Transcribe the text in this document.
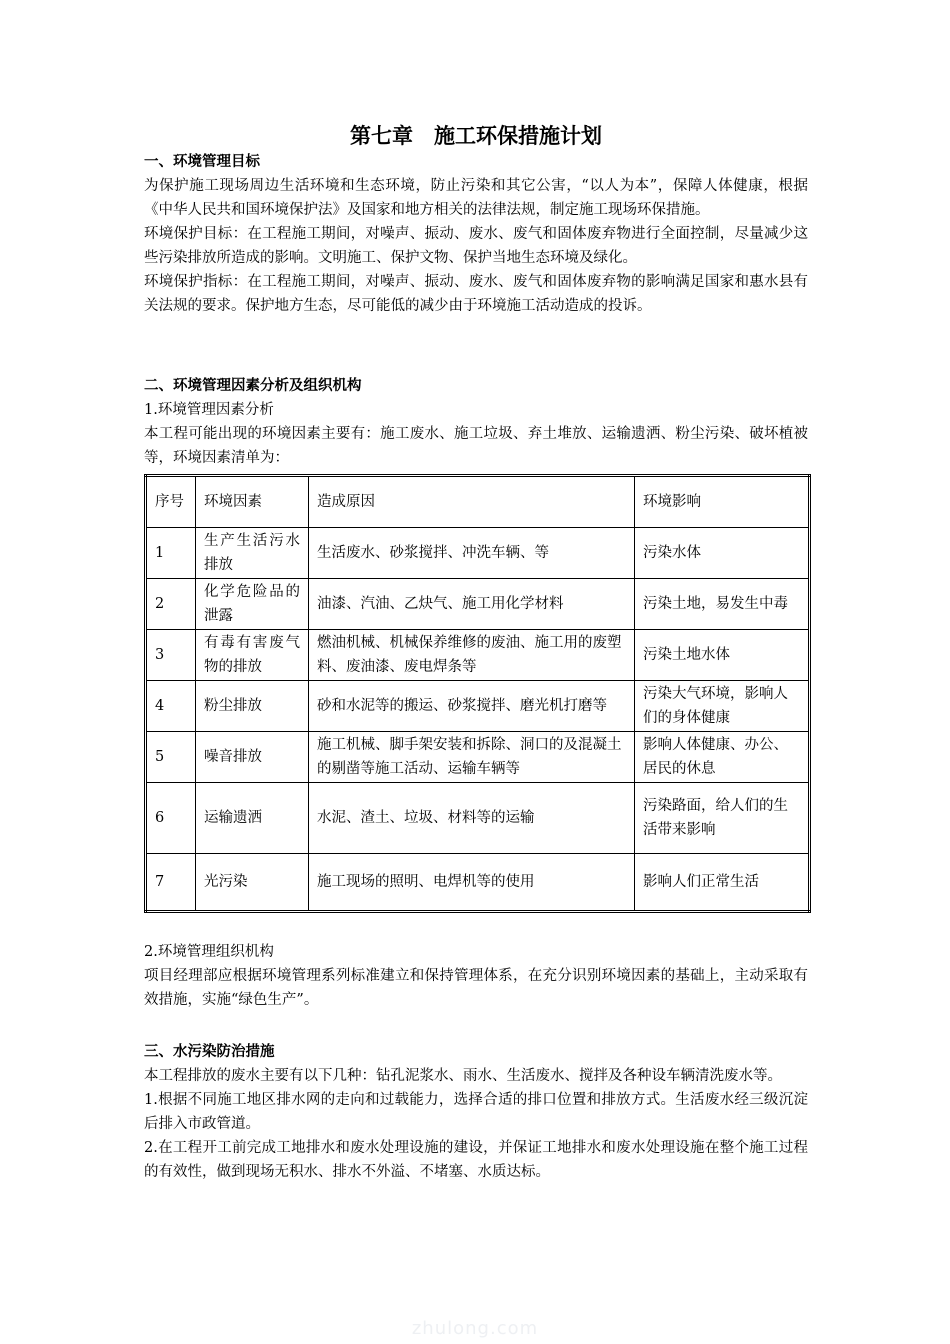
第七章　施工环保措施计划
一、环境管理目标
为保护施工现场周边生活环境和生态环境，防止污染和其它公害，“以人为本”，保障人体健康，根据《中华人民共和国环境保护法》及国家和地方相关的法律法规，制定施工现场环保措施。
环境保护目标：在工程施工期间，对噪声、振动、废水、废气和固体废弃物进行全面控制，尽量减少这些污染排放所造成的影响。文明施工、保护文物、保护当地生态环境及绿化。
环境保护指标：在工程施工期间，对噪声、振动、废水、废气和固体废弃物的影响满足国家和惠水县有关法规的要求。保护地方生态，尽可能低的减少由于环境施工活动造成的投诉。
二、环境管理因素分析及组织机构
1.环境管理因素分析
本工程可能出现的环境因素主要有：施工废水、施工垃圾、弃土堆放、运输遗洒、粉尘污染、破坏植被等，环境因素清单为：
序号	环境因素	造成原因	环境影响
1	生产生活污水排放	生活废水、砂浆搅拌、冲洗车辆、等	污染水体
2	化学危险品的泄露	油漆、汽油、乙炔气、施工用化学材料	污染土地，易发生中毒
3	有毒有害废气物的排放	燃油机械、机械保养维修的废油、施工用的废塑料、废油漆、废电焊条等	污染土地水体
4	粉尘排放	砂和水泥等的搬运、砂浆搅拌、磨光机打磨等	污染大气环境，影响人们的身体健康
5	噪音排放	施工机械、脚手架安装和拆除、洞口的及混凝土的剔凿等施工活动、运输车辆等	影响人体健康、办公、居民的休息
6	运输遗洒	水泥、渣土、垃圾、材料等的运输	污染路面，给人们的生活带来影响
7	光污染	施工现场的照明、电焊机等的使用	影响人们正常生活
2.环境管理组织机构
项目经理部应根据环境管理系列标准建立和保持管理体系，在充分识别环境因素的基础上，主动采取有效措施，实施“绿色生产”。
三、水污染防治措施
本工程排放的废水主要有以下几种：钻孔泥浆水、雨水、生活废水、搅拌及各种设车辆清洗废水等。
1.根据不同施工地区排水网的走向和过载能力，选择合适的排口位置和排放方式。生活废水经三级沉淀后排入市政管道。
2.在工程开工前完成工地排水和废水处理设施的建设，并保证工地排水和废水处理设施在整个施工过程的有效性，做到现场无积水、排水不外溢、不堵塞、水质达标。
zhulong.com
